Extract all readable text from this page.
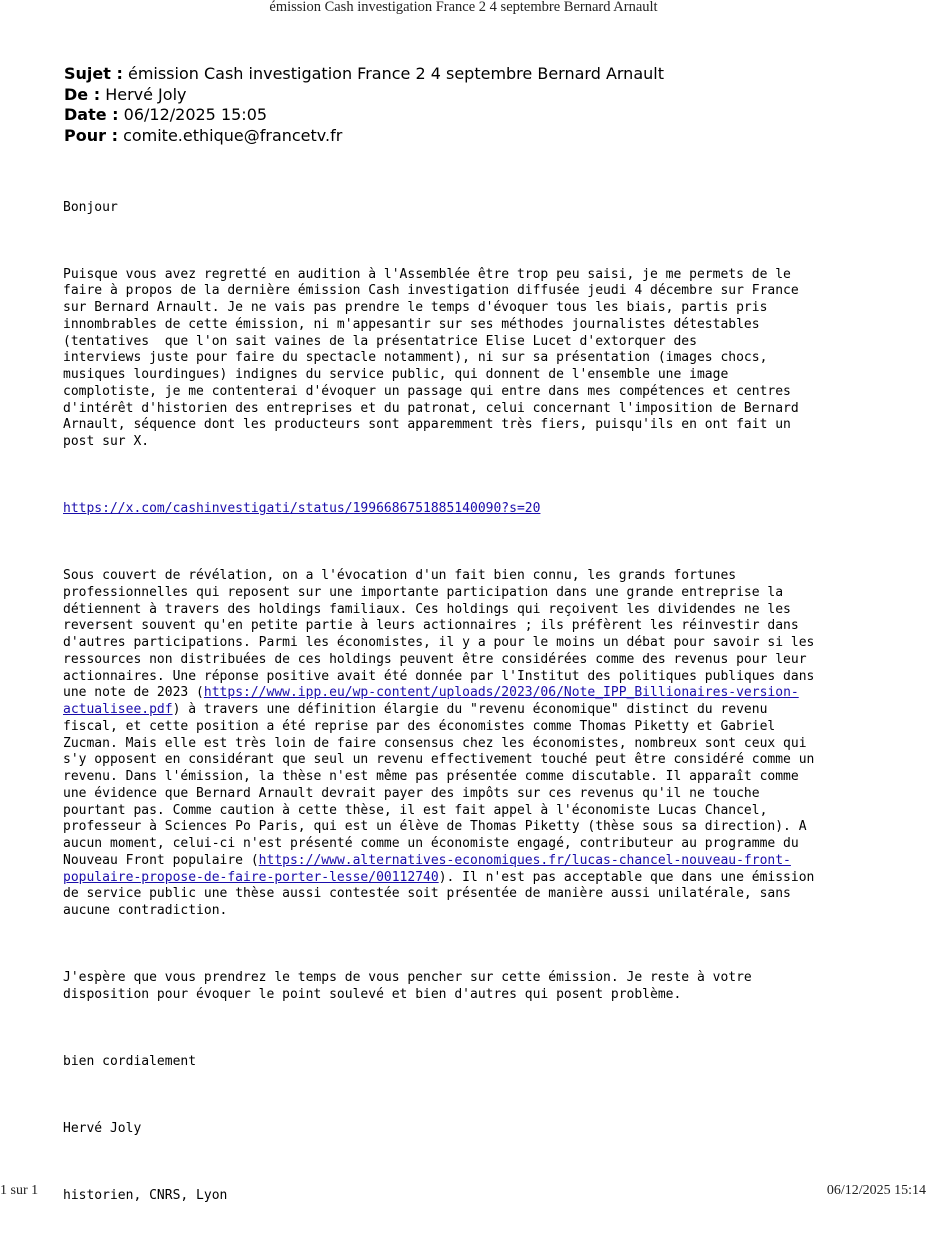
émission Cash investigation France 2 4 septembre Bernard Arnault
Sujet : émission Cash investigation France 2 4 septembre Bernard Arnault
De : Hervé Joly
Date : 06/12/2025 15:05
Pour : comite.ethique@francetv.fr

Bonjour

Puisque vous avez regretté en audition à l'Assemblée être trop peu saisi, je me permets de le
faire à propos de la dernière émission Cash investigation diffusée jeudi 4 décembre sur France
sur Bernard Arnault. Je ne vais pas prendre le temps d'évoquer tous les biais, partis pris
innombrables de cette émission, ni m'appesantir sur ses méthodes journalistes détestables
(tentatives  que l'on sait vaines de la présentatrice Elise Lucet d'extorquer des
interviews juste pour faire du spectacle notamment), ni sur sa présentation (images chocs,
musiques lourdingues) indignes du service public, qui donnent de l'ensemble une image
complotiste, je me contenterai d'évoquer un passage qui entre dans mes compétences et centres
d'intérêt d'historien des entreprises et du patronat, celui concernant l'imposition de Bernard
Arnault, séquence dont les producteurs sont apparemment très fiers, puisqu'ils en ont fait un
post sur X.

https://x.com/cashinvestigati/status/1996686751885140090?s=20

Sous couvert de révélation, on a l'évocation d'un fait bien connu, les grands fortunes
professionnelles qui reposent sur une importante participation dans une grande entreprise la
détiennent à travers des holdings familiaux. Ces holdings qui reçoivent les dividendes ne les
reversent souvent qu'en petite partie à leurs actionnaires ; ils préfèrent les réinvestir dans
d'autres participations. Parmi les économistes, il y a pour le moins un débat pour savoir si les
ressources non distribuées de ces holdings peuvent être considérées comme des revenus pour leur
actionnaires. Une réponse positive avait été donnée par l'Institut des politiques publiques dans
une note de 2023 (https://www.ipp.eu/wp-content/uploads/2023/06/Note_IPP_Billionaires-version-
actualisee.pdf) à travers une définition élargie du "revenu économique" distinct du revenu
fiscal, et cette position a été reprise par des économistes comme Thomas Piketty et Gabriel
Zucman. Mais elle est très loin de faire consensus chez les économistes, nombreux sont ceux qui
s'y opposent en considérant que seul un revenu effectivement touché peut être considéré comme un
revenu. Dans l'émission, la thèse n'est même pas présentée comme discutable. Il apparaît comme
une évidence que Bernard Arnault devrait payer des impôts sur ces revenus qu'il ne touche
pourtant pas. Comme caution à cette thèse, il est fait appel à l'économiste Lucas Chancel,
professeur à Sciences Po Paris, qui est un élève de Thomas Piketty (thèse sous sa direction). A
aucun moment, celui-ci n'est présenté comme un économiste engagé, contributeur au programme du
Nouveau Front populaire (https://www.alternatives-economiques.fr/lucas-chancel-nouveau-front-
populaire-propose-de-faire-porter-lesse/00112740). Il n'est pas acceptable que dans une émission
de service public une thèse aussi contestée soit présentée de manière aussi unilatérale, sans
aucune contradiction.

J'espère que vous prendrez le temps de vous pencher sur cette émission. Je reste à votre
disposition pour évoquer le point soulevé et bien d'autres qui posent problème.

bien cordialement

Hervé Joly

historien, CNRS, Lyon

1 sur 1	06/12/2025 15:14
